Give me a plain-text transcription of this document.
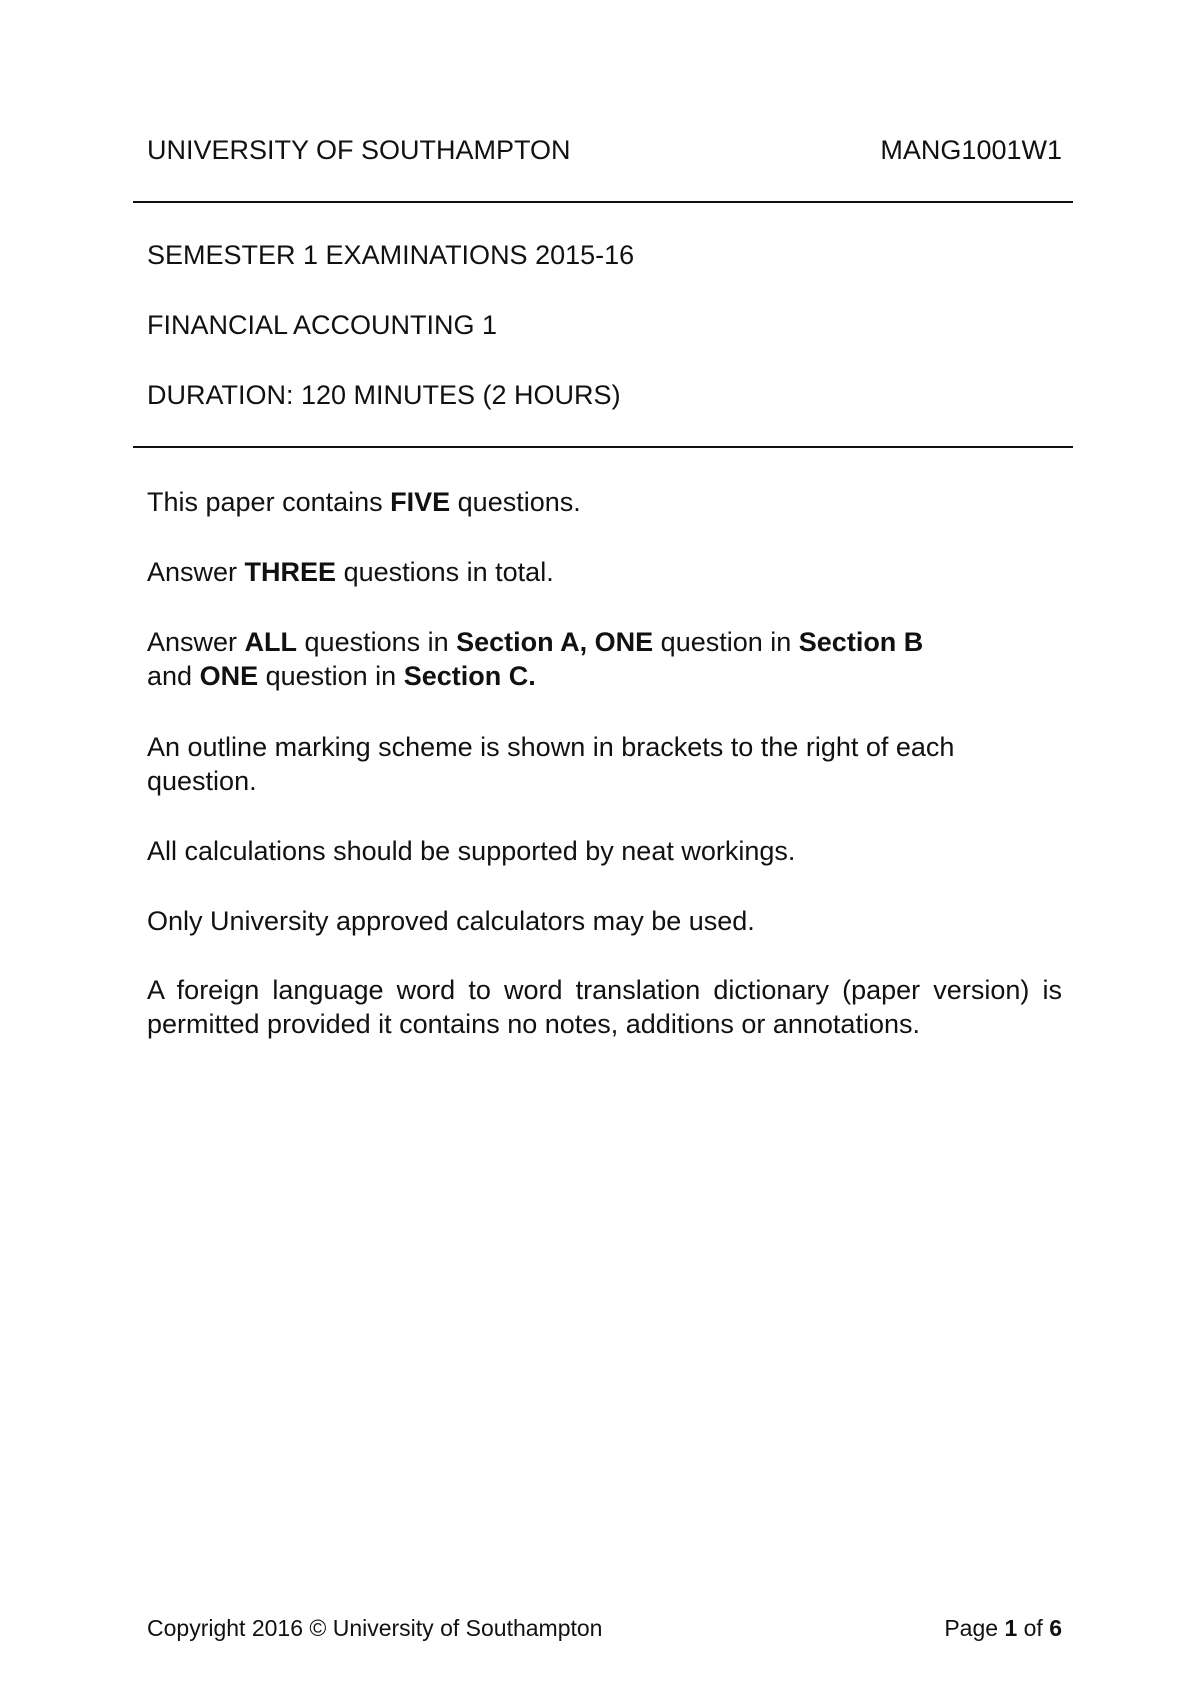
UNIVERSITY OF SOUTHAMPTON	MANG1001W1
SEMESTER 1 EXAMINATIONS 2015-16
FINANCIAL ACCOUNTING 1
DURATION: 120 MINUTES (2 HOURS)
This paper contains FIVE questions.
Answer THREE questions in total.
Answer ALL questions in Section A, ONE question in Section B
and ONE question in Section C.
An outline marking scheme is shown in brackets to the right of each question.
All calculations should be supported by neat workings.
Only University approved calculators may be used.
A foreign language word to word translation dictionary (paper version) is permitted provided it contains no notes, additions or annotations.
Copyright 2016 © University of Southampton	Page 1 of 6
